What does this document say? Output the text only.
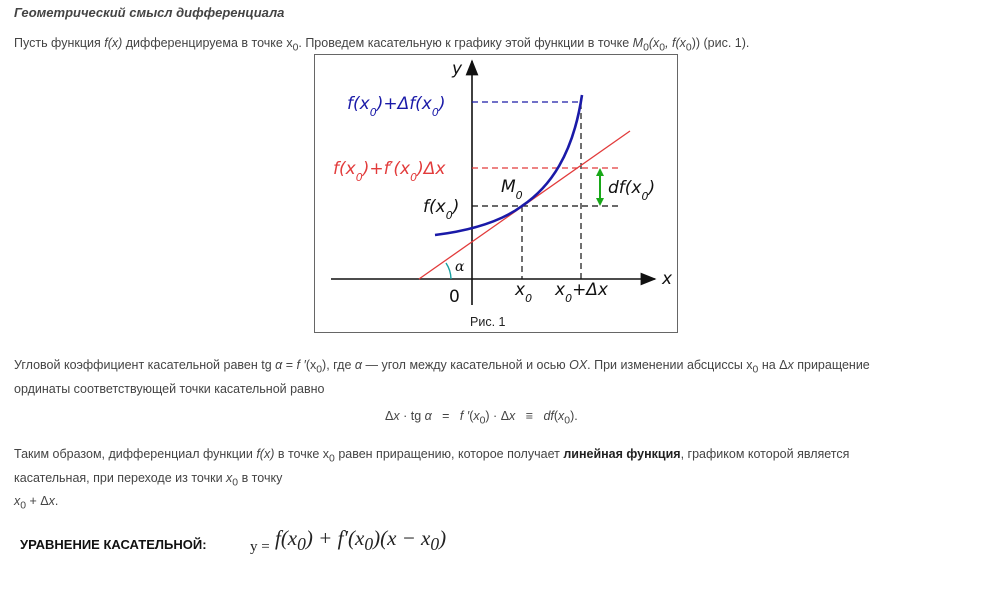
Геометрический смысл дифференциала
Пусть функция f(x) дифференцируема в точке $x_0$. Проведем касательную к графику этой функции в точке $M_0(x_0$, $f(x_0)$) (рис. 1).
y
x
0
α
$f(x_0)+\Delta f(x_0)$
$f(x_0)+f'(x_0)\Delta x$
$f(x_0)$
$M_0$	$df(x_0)$
$x_0$ $x_0+\Delta x$
Рис. 1
Угловой коэффициент касательной равен tg α = f $'(x_0)$, где α — угол между касательной и осью OX. При изменении абсциссы $x_0$ на Δx приращение
ординаты соответствующей точки касательной равно
Δx · tg α   =   f $'(x_0) \cdot \Delta x \equiv df(x_0)$.
Таким образом, дифференциал функции f(x) в точке $x_0$ равен приращению, которое получает линейная функция, графиком которой является
касательная, при переходе из точки $x_0$ в точку
$x_0 + \Delta x$.
УРАВНЕНИЕ КАСАТЕЛЬНОЙ:	$_{y =}$ $f(x_0) + f'(x_0)(x - x_0)$
